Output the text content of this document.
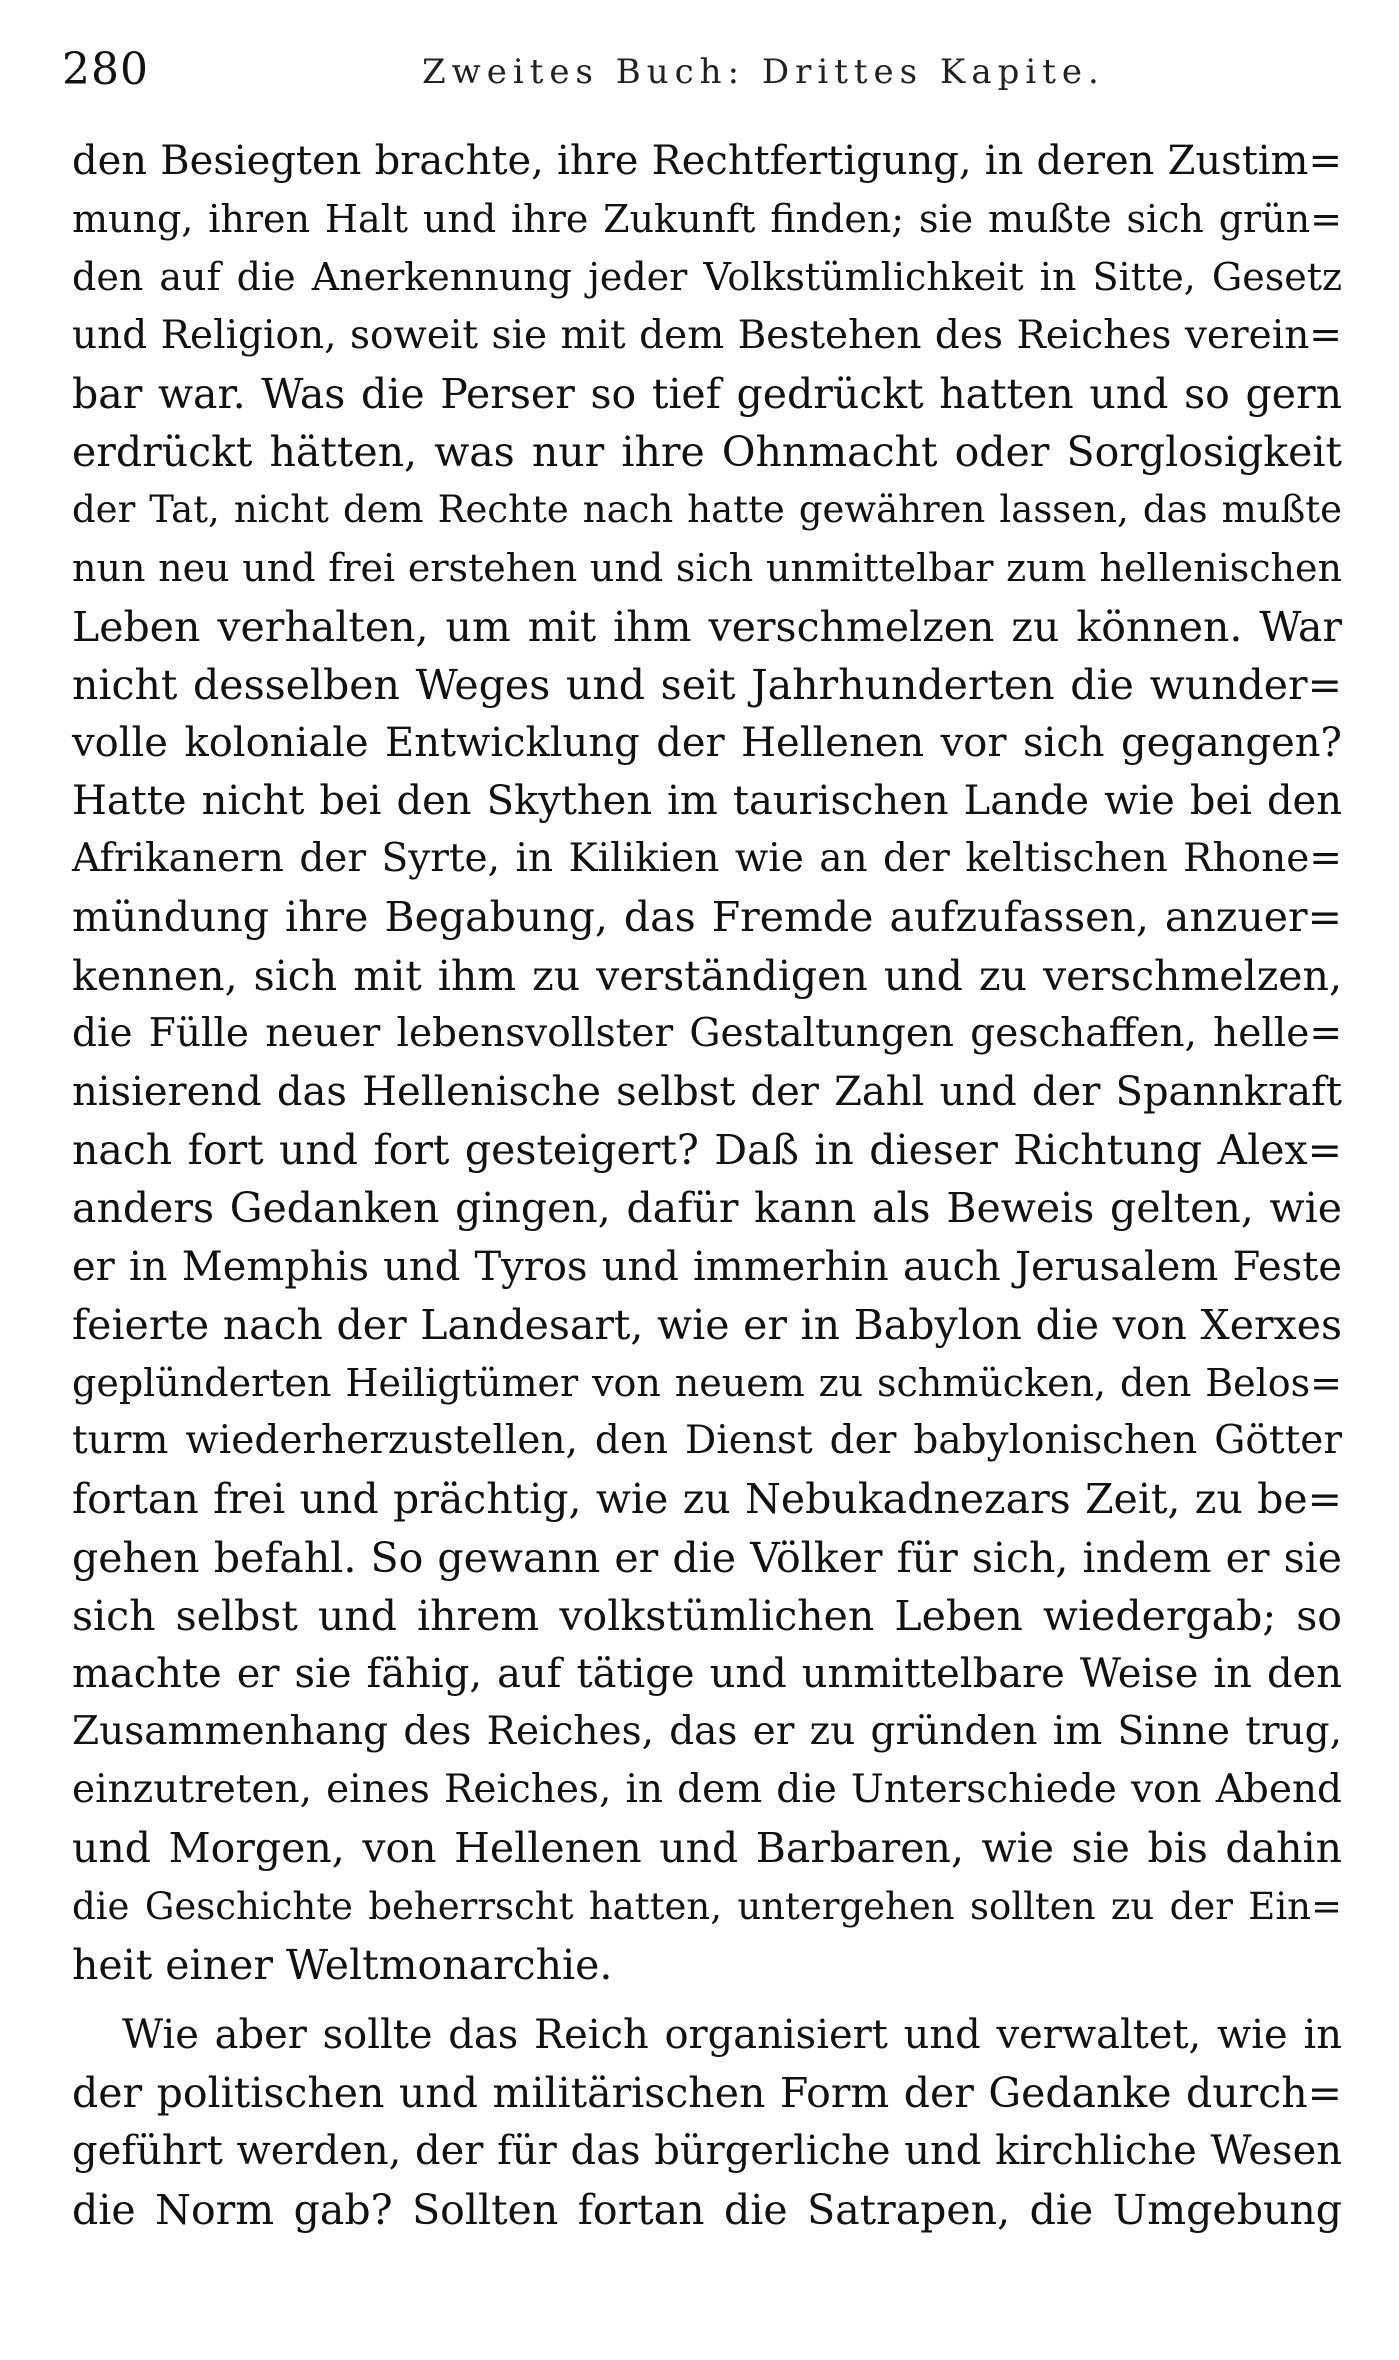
280	Zweites Buch: Drittes Kapite.
den Besiegten brachte, ihre Rechtfertigung, in deren Zustim=
mung, ihren Halt und ihre Zukunft finden; sie mußte sich grün=
den auf die Anerkennung jeder Volkstümlichkeit in Sitte, Gesetz
und Religion, soweit sie mit dem Bestehen des Reiches verein=
bar war. Was die Perser so tief gedrückt hatten und so gern
erdrückt hätten, was nur ihre Ohnmacht oder Sorglosigkeit
der Tat, nicht dem Rechte nach hatte gewähren lassen, das mußte
nun neu und frei erstehen und sich unmittelbar zum hellenischen
Leben verhalten, um mit ihm verschmelzen zu können. War
nicht desselben Weges und seit Jahrhunderten die wunder=
volle koloniale Entwicklung der Hellenen vor sich gegangen?
Hatte nicht bei den Skythen im taurischen Lande wie bei den
Afrikanern der Syrte, in Kilikien wie an der keltischen Rhone=
mündung ihre Begabung, das Fremde aufzufassen, anzuer=
kennen, sich mit ihm zu verständigen und zu verschmelzen,
die Fülle neuer lebensvollster Gestaltungen geschaffen, helle=
nisierend das Hellenische selbst der Zahl und der Spannkraft
nach fort und fort gesteigert? Daß in dieser Richtung Alex=
anders Gedanken gingen, dafür kann als Beweis gelten, wie
er in Memphis und Tyros und immerhin auch Jerusalem Feste
feierte nach der Landesart, wie er in Babylon die von Xerxes
geplünderten Heiligtümer von neuem zu schmücken, den Belos=
turm wiederherzustellen, den Dienst der babylonischen Götter
fortan frei und prächtig, wie zu Nebukadnezars Zeit, zu be=
gehen befahl. So gewann er die Völker für sich, indem er sie
sich selbst und ihrem volkstümlichen Leben wiedergab; so
machte er sie fähig, auf tätige und unmittelbare Weise in den
Zusammenhang des Reiches, das er zu gründen im Sinne trug,
einzutreten, eines Reiches, in dem die Unterschiede von Abend
und Morgen, von Hellenen und Barbaren, wie sie bis dahin
die Geschichte beherrscht hatten, untergehen sollten zu der Ein=
heit einer Weltmonarchie.
Wie aber sollte das Reich organisiert und verwaltet, wie in
der politischen und militärischen Form der Gedanke durch=
geführt werden, der für das bürgerliche und kirchliche Wesen
die Norm gab? Sollten fortan die Satrapen, die Umgebung
